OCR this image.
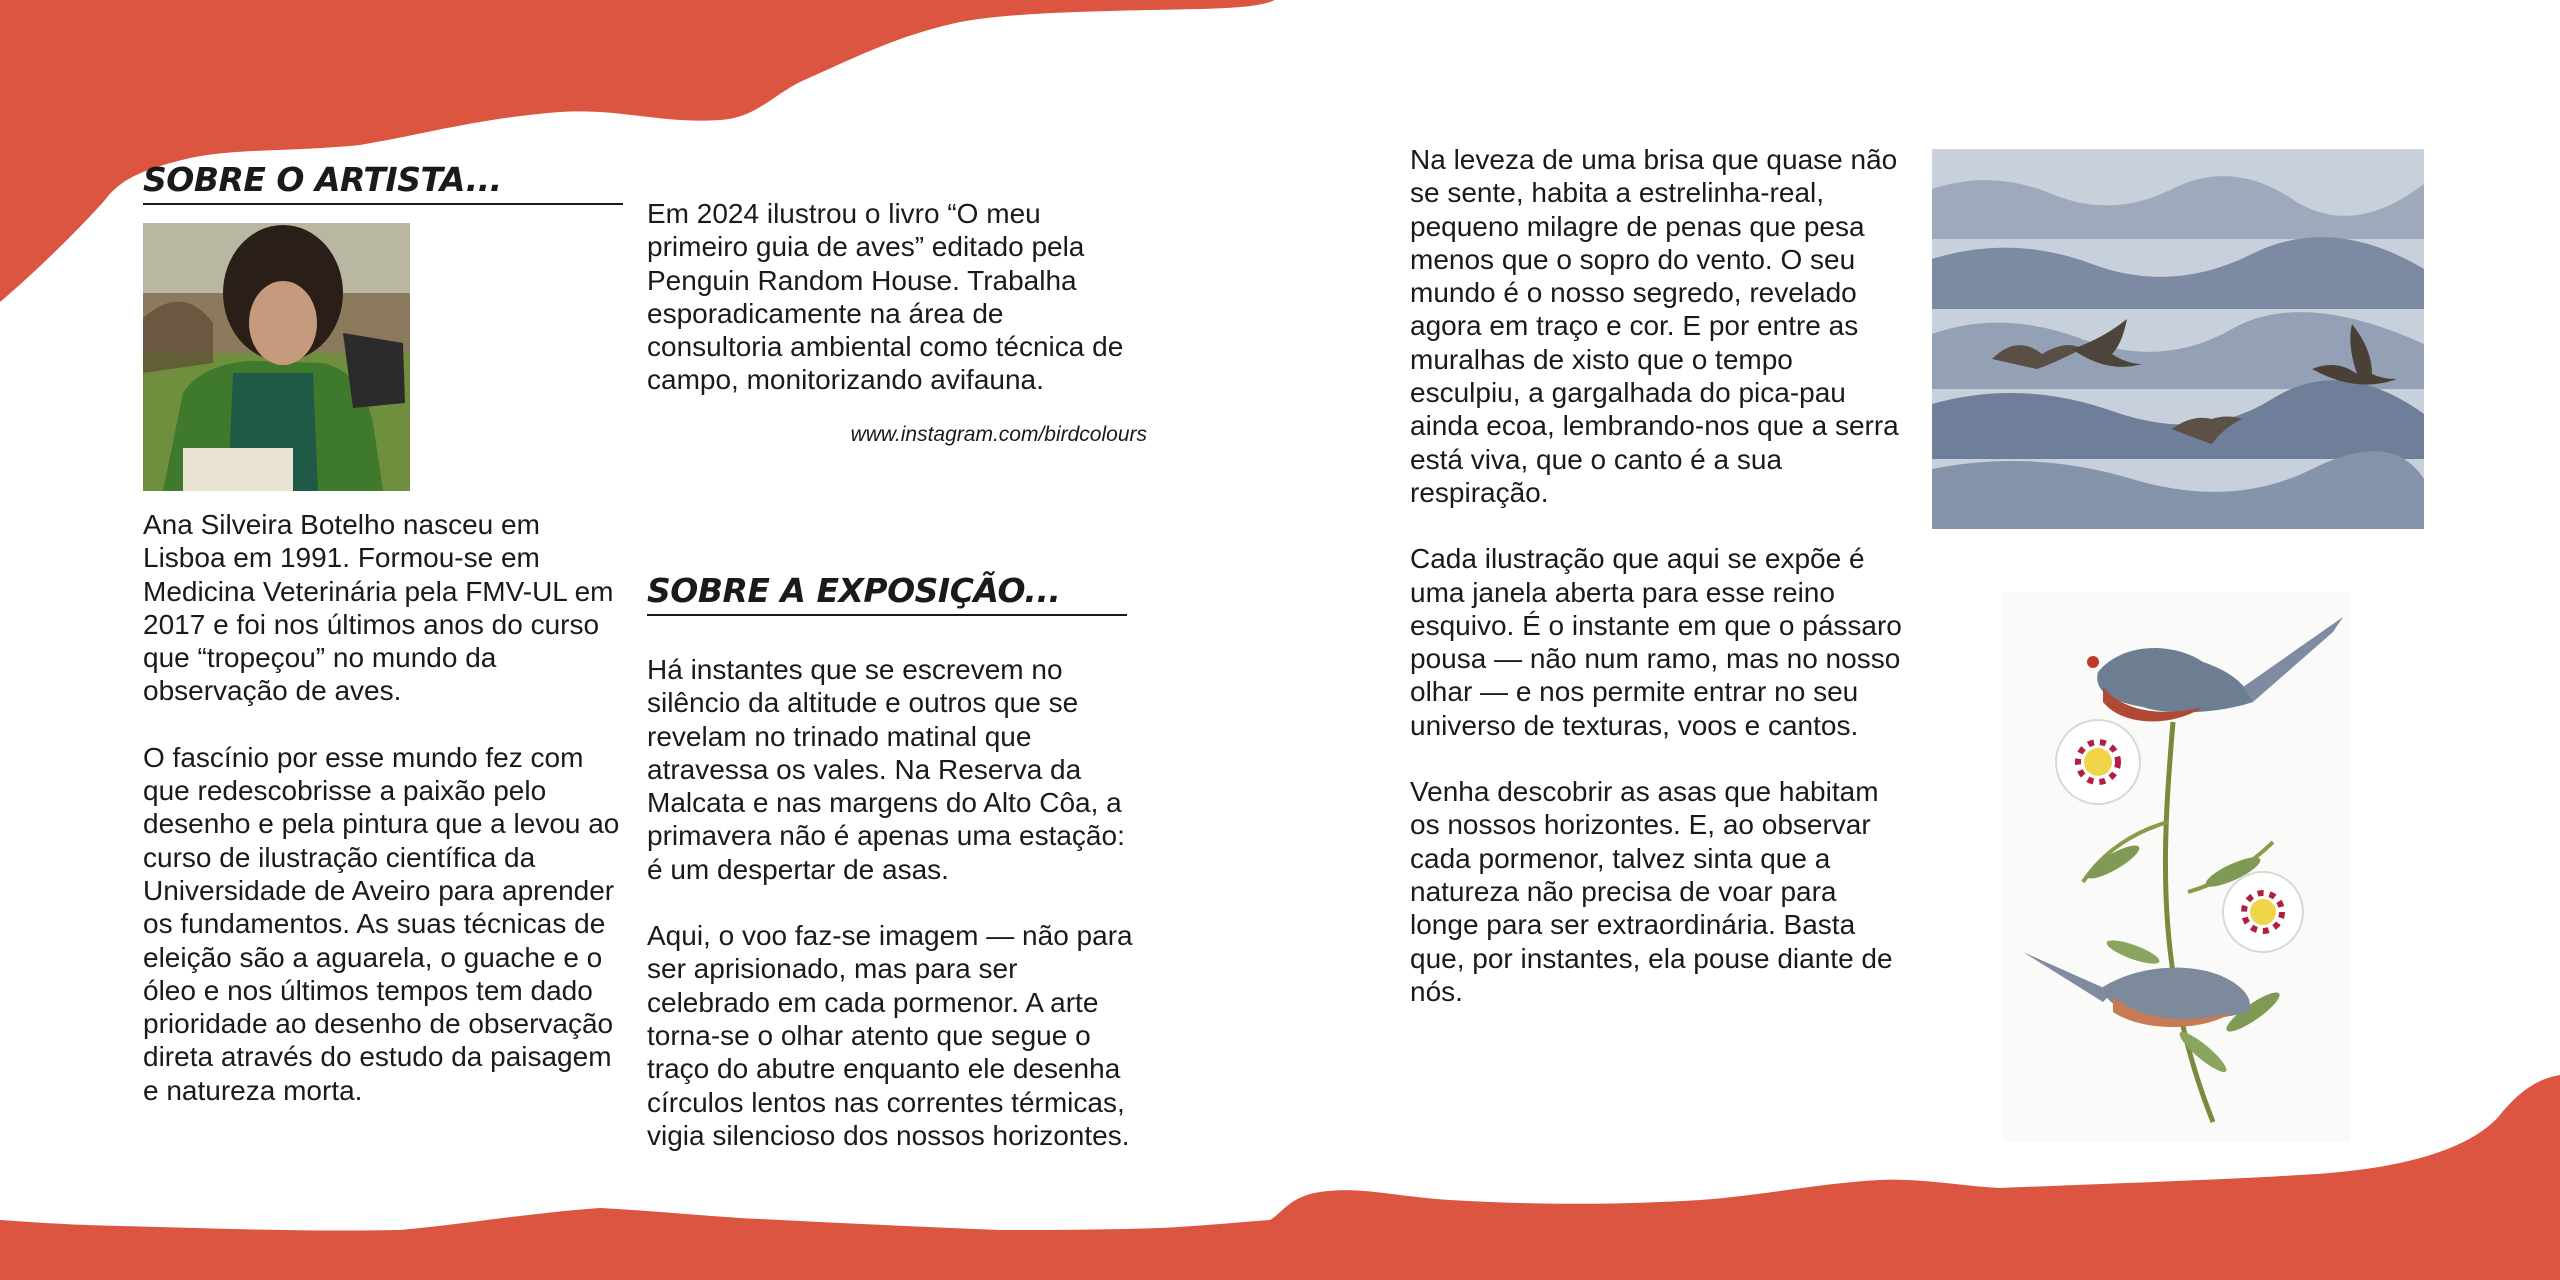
SOBRE O ARTISTA...

Ana Silveira Botelho nasceu em Lisboa em 1991. Formou-se em Medicina Veterinária pela FMV-UL em 2017 e foi nos últimos anos do curso que “tropeçou” no mundo da observação de aves.

O fascínio por esse mundo fez com que redescobrisse a paixão pelo desenho e pela pintura que a levou ao curso de ilustração científica da Universidade de Aveiro para aprender os fundamentos. As suas técnicas de eleição são a aguarela, o guache e o óleo e nos últimos tempos tem dado prioridade ao desenho de observação direta através do estudo da paisagem e natureza morta.

Em 2024 ilustrou o livro “O meu primeiro guia de aves” editado pela Penguin Random House. Trabalha esporadicamente na área de consultoria ambiental como técnica de campo, monitorizando avifauna.

www.instagram.com/birdcolours
SOBRE A EXPOSIÇÃO...

Há instantes que se escrevem no silêncio da altitude e outros que se revelam no trinado matinal que atravessa os vales. Na Reserva da Malcata e nas margens do Alto Côa, a primavera não é apenas uma estação: é um despertar de asas.

Aqui, o voo faz-se imagem — não para ser aprisionado, mas para ser celebrado em cada pormenor. A arte torna-se o olhar atento que segue o traço do abutre enquanto ele desenha círculos lentos nas correntes térmicas, vigia silencioso dos nossos horizontes.

Na leveza de uma brisa que quase não se sente, habita a estrelinha-real, pequeno milagre de penas que pesa menos que o sopro do vento. O seu mundo é o nosso segredo, revelado agora em traço e cor. E por entre as muralhas de xisto que o tempo esculpiu, a gargalhada do pica-pau ainda ecoa, lembrando-nos que a serra está viva, que o canto é a sua respiração.

Cada ilustração que aqui se expõe é uma janela aberta para esse reino esquivo. É o instante em que o pássaro pousa — não num ramo, mas no nosso olhar — e nos permite entrar no seu universo de texturas, voos e cantos.

Venha descobrir as asas que habitam os nossos horizontes. E, ao observar cada pormenor, talvez sinta que a natureza não precisa de voar para longe para ser extraordinária. Basta que, por instantes, ela pouse diante de nós.
